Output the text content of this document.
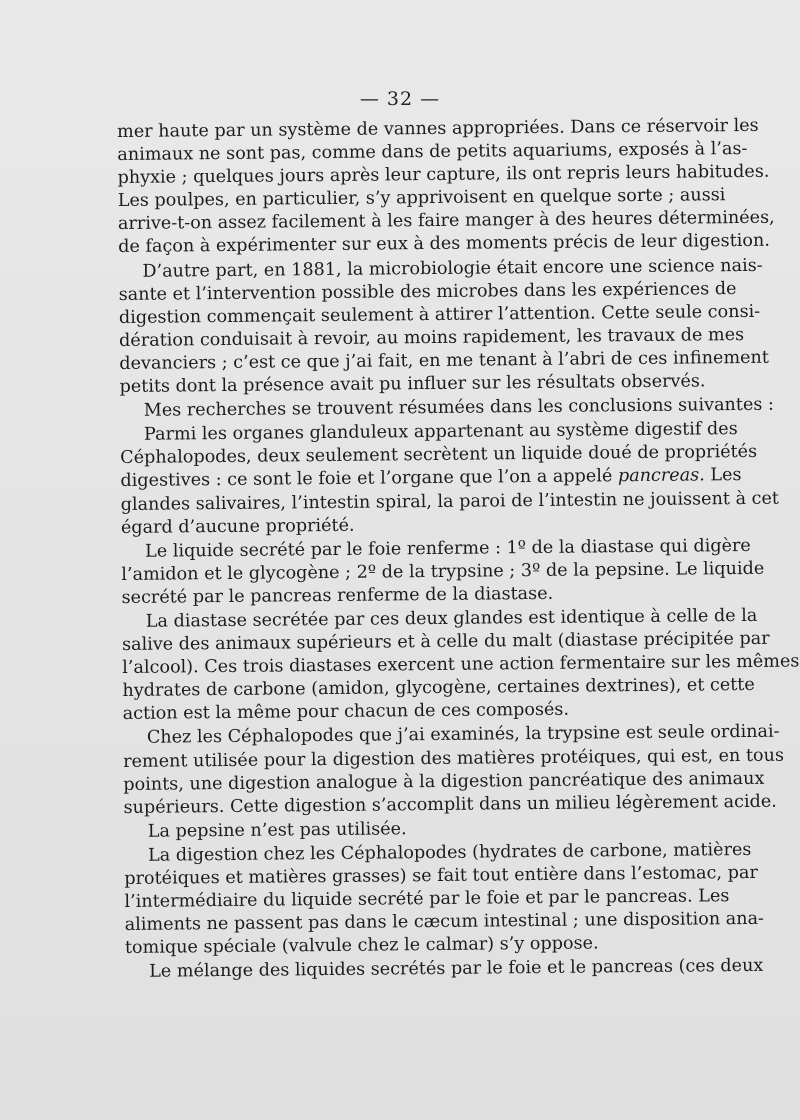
— 32 —
mer haute par un système de vannes appropriées. Dans ce réservoir les
animaux ne sont pas, comme dans de petits aquariums, exposés à l’as-
phyxie ; quelques jours après leur capture, ils ont repris leurs habitudes.
Les poulpes, en particulier, s’y apprivoisent en quelque sorte ; aussi
arrive-t-on assez facilement à les faire manger à des heures déterminées,
de façon à expérimenter sur eux à des moments précis de leur digestion.
D’autre part, en 1881, la microbiologie était encore une science nais-
sante et l’intervention possible des microbes dans les expériences de
digestion commençait seulement à attirer l’attention. Cette seule consi-
dération conduisait à revoir, au moins rapidement, les travaux de mes
devanciers ; c’est ce que j’ai fait, en me tenant à l’abri de ces infinement
petits dont la présence avait pu influer sur les résultats observés.
Mes recherches se trouvent résumées dans les conclusions suivantes :
Parmi les organes glanduleux appartenant au système digestif des
Céphalopodes, deux seulement secrètent un liquide doué de propriétés
digestives : ce sont le foie et l’organe que l’on a appelé pancreas. Les
glandes salivaires, l’intestin spiral, la paroi de l’intestin ne jouissent à cet
égard d’aucune propriété.
Le liquide secrété par le foie renferme : 1º de la diastase qui digère
l’amidon et le glycogène ; 2º de la trypsine ; 3º de la pepsine. Le liquide
secrété par le pancreas renferme de la diastase.
La diastase secrétée par ces deux glandes est identique à celle de la
salive des animaux supérieurs et à celle du malt (diastase précipitée par
l’alcool). Ces trois diastases exercent une action fermentaire sur les mêmes
hydrates de carbone (amidon, glycogène, certaines dextrines), et cette
action est la même pour chacun de ces composés.
Chez les Céphalopodes que j’ai examinés, la trypsine est seule ordinai-
rement utilisée pour la digestion des matières protéiques, qui est, en tous
points, une digestion analogue à la digestion pancréatique des animaux
supérieurs. Cette digestion s’accomplit dans un milieu légèrement acide.
La pepsine n’est pas utilisée.
La digestion chez les Céphalopodes (hydrates de carbone, matières
protéiques et matières grasses) se fait tout entière dans l’estomac, par
l’intermédiaire du liquide secrété par le foie et par le pancreas. Les
aliments ne passent pas dans le cæcum intestinal ; une disposition ana-
tomique spéciale (valvule chez le calmar) s’y oppose.
Le mélange des liquides secrétés par le foie et le pancreas (ces deux
